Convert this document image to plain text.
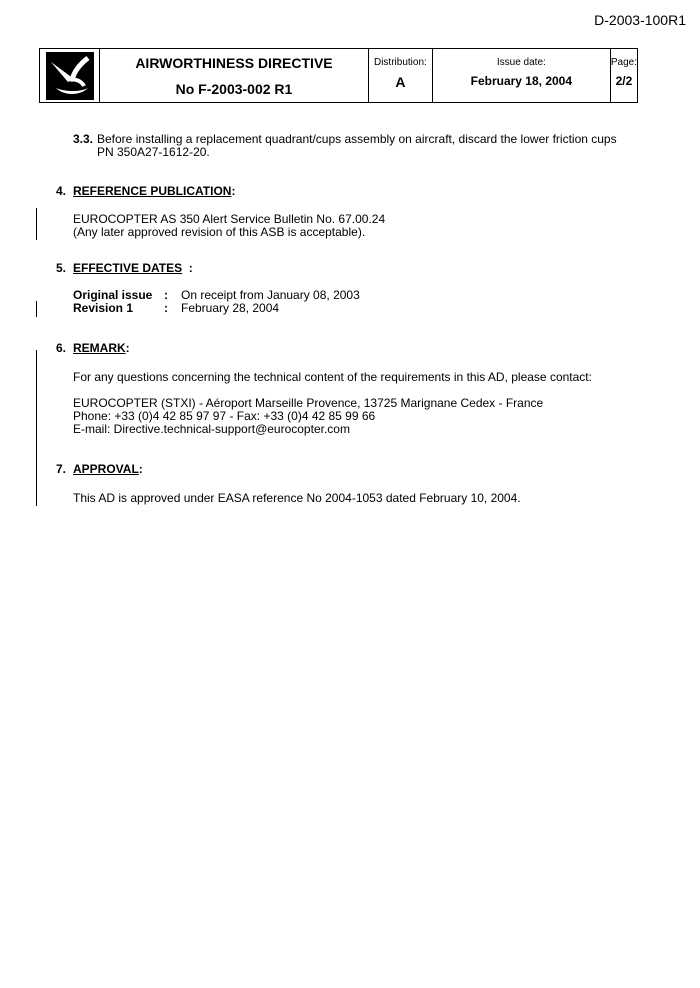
D-2003-100R1
AIRWORTHINESS DIRECTIVE
No F-2003-002 R1
Distribution:
A
Issue date:
February 18, 2004
Page:
2/2
3.3. Before installing a replacement quadrant/cups assembly on aircraft, discard the lower friction cups
PN 350A27-1612-20.
4. REFERENCE PUBLICATION:
EUROCOPTER AS 350 Alert Service Bulletin No. 67.00.24
(Any later approved revision of this ASB is acceptable).
5. EFFECTIVE DATES  :
Original issue : On receipt from January 08, 2003
Revision 1	: February 28, 2004
6. REMARK:
For any questions concerning the technical content of the requirements in this AD, please contact:
EUROCOPTER (STXI) - Aéroport Marseille Provence, 13725 Marignane Cedex - France
Phone: +33 (0)4 42 85 97 97 - Fax: +33 (0)4 42 85 99 66
E-mail: Directive.technical-support@eurocopter.com
7. APPROVAL:
This AD is approved under EASA reference No 2004-1053 dated February 10, 2004.
